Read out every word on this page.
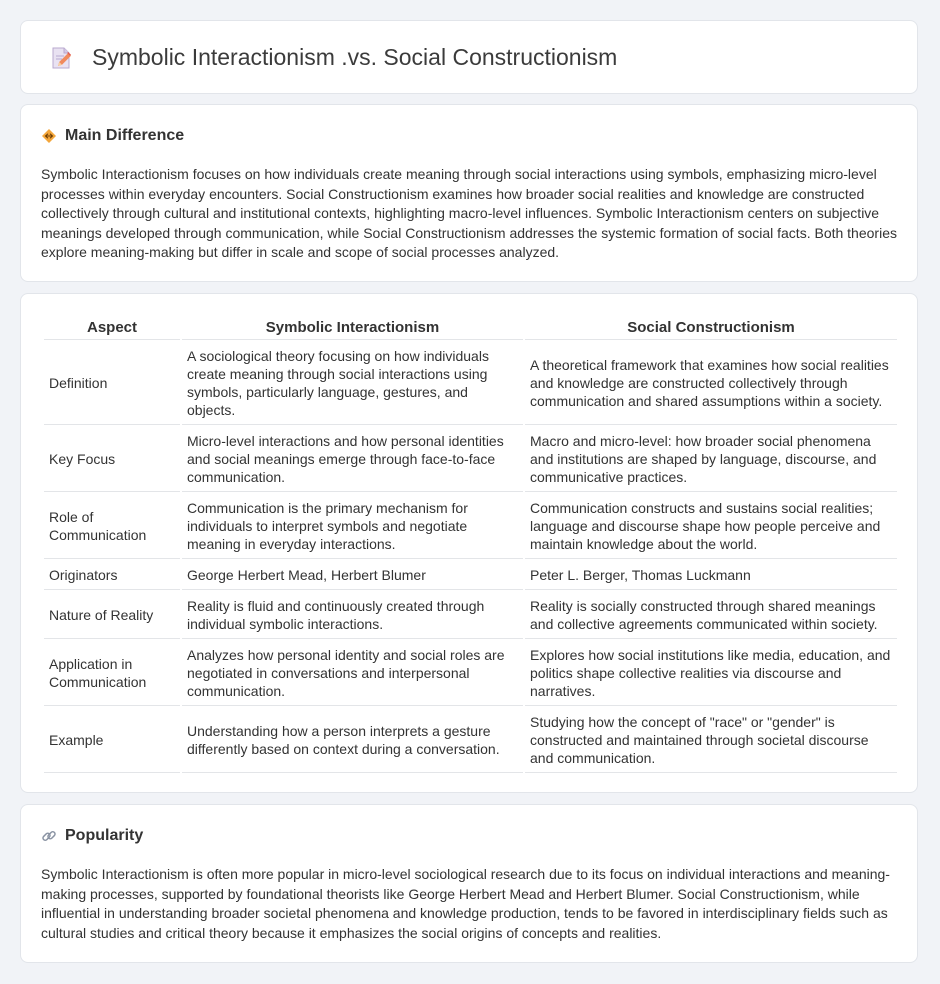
Symbolic Interactionism .vs. Social Constructionism
Main Difference

Symbolic Interactionism focuses on how individuals create meaning through social interactions using symbols, emphasizing micro-level processes within everyday encounters. Social Constructionism examines how broader social realities and knowledge are constructed collectively through cultural and institutional contexts, highlighting macro-level influences. Symbolic Interactionism centers on subjective meanings developed through communication, while Social Constructionism addresses the systemic formation of social facts. Both theories explore meaning-making but differ in scale and scope of social processes analyzed.

Aspect	Symbolic Interactionism	Social Constructionism
Definition	A sociological theory focusing on how individuals create meaning through social interactions using symbols, particularly language, gestures, and objects.	A theoretical framework that examines how social realities and knowledge are constructed collectively through communication and shared assumptions within a society.
Key Focus	Micro-level interactions and how personal identities and social meanings emerge through face-to-face communication.	Macro and micro-level: how broader social phenomena and institutions are shaped by language, discourse, and communicative practices.
Role of Communication	Communication is the primary mechanism for individuals to interpret symbols and negotiate meaning in everyday interactions.	Communication constructs and sustains social realities; language and discourse shape how people perceive and maintain knowledge about the world.
Originators	George Herbert Mead, Herbert Blumer	Peter L. Berger, Thomas Luckmann
Nature of Reality	Reality is fluid and continuously created through individual symbolic interactions.	Reality is socially constructed through shared meanings and collective agreements communicated within society.
Application in Communication	Analyzes how personal identity and social roles are negotiated in conversations and interpersonal communication.	Explores how social institutions like media, education, and politics shape collective realities via discourse and narratives.
Example	Understanding how a person interprets a gesture differently based on context during a conversation.	Studying how the concept of "race" or "gender" is constructed and maintained through societal discourse and communication.
Popularity

Symbolic Interactionism is often more popular in micro-level sociological research due to its focus on individual interactions and meaning-making processes, supported by foundational theorists like George Herbert Mead and Herbert Blumer. Social Constructionism, while influential in understanding broader societal phenomena and knowledge production, tends to be favored in interdisciplinary fields such as cultural studies and critical theory because it emphasizes the social origins of concepts and realities.
